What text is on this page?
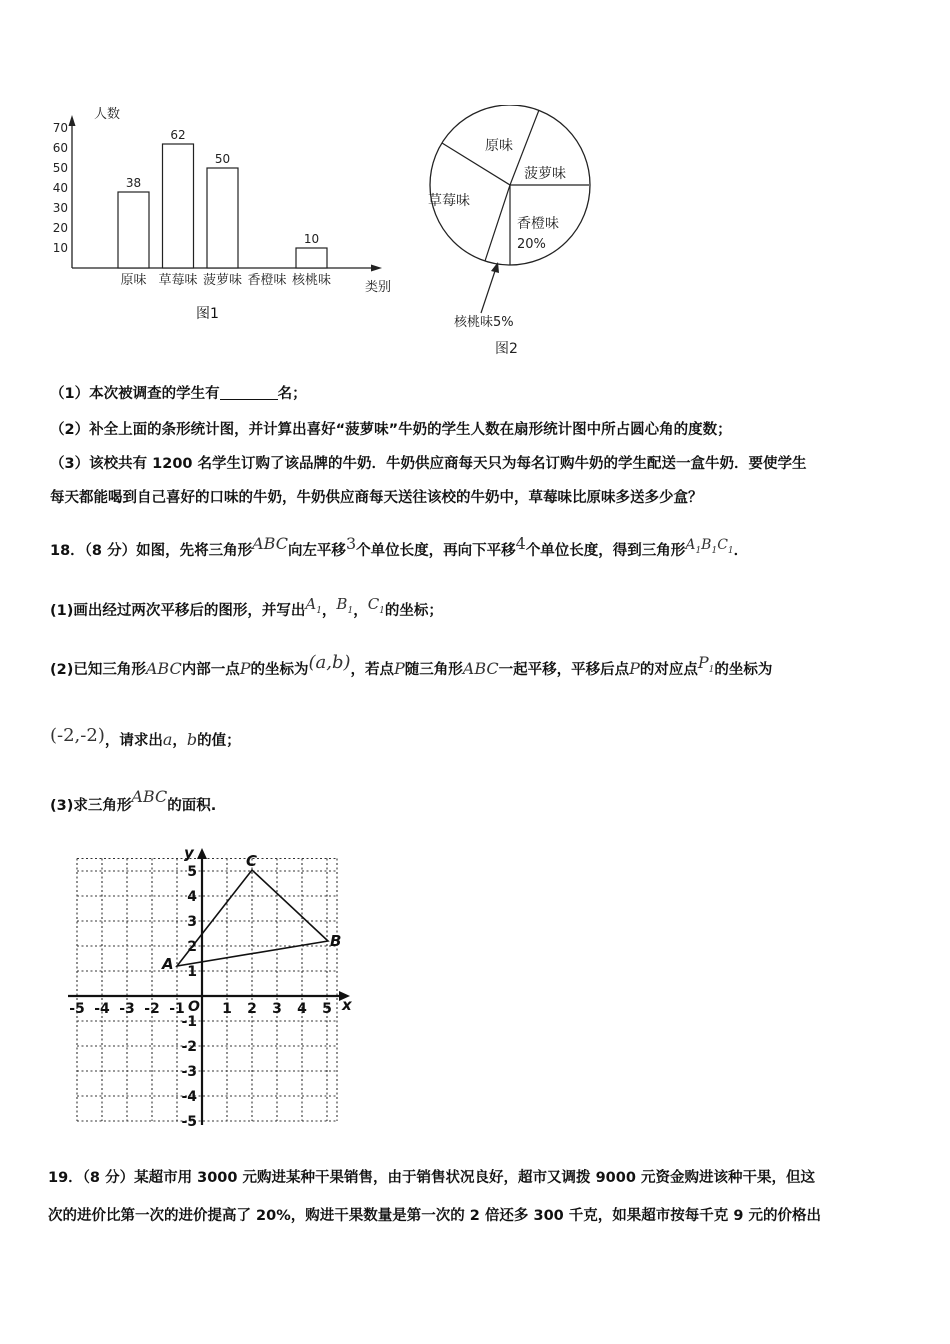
人数
类别
10
20
30
40
50
60
70
38
62
50
10
原味 草莓味 菠萝味 香橙味 核桃味
图1
原味
菠萝味
草莓味
香橙味
20%
核桃味5%
图2
（1）本次被调查的学生有	名；
（2）补全上面的条形统计图，并计算出喜好“菠萝味”牛奶的学生人数在扇形统计图中所占圆心角的度数；
（3）该校共有 1200 名学生订购了该品牌的牛奶．牛奶供应商每天只为每名订购牛奶的学生配送一盒牛奶．要使学生
每天都能喝到自己喜好的口味的牛奶，牛奶供应商每天送往该校的牛奶中，草莓味比原味多送多少盒？
18．（8 分）如图，先将三角形ABC向左平移3个单位长度，再向下平移4个单位长度，得到三角形$A_1B_1C_1$．
(1)画出经过两次平移后的图形，并写出$A_1$，$B_1$，$C_1$的坐标；
(2)已知三角形ABC内部一点P的坐标为(a,b)，若点P随三角形ABC一起平移，平移后点P的对应点$P_1$的坐标为
(-2,-2)，请求出a，b的值；
(3)求三角形ABC的面积.
x
y
O
-5 -4 -3 -2 -1	1 2 3 4 5
5
4
3
2
1
-1
-2
-3
-4
-5
A
B
C
19．（8 分）某超市用 3000 元购进某种干果销售，由于销售状况良好，超市又调拨 9000 元资金购进该种干果，但这
次的进价比第一次的进价提高了 20%，购进干果数量是第一次的 2 倍还多 300 千克，如果超市按每千克 9 元的价格出
